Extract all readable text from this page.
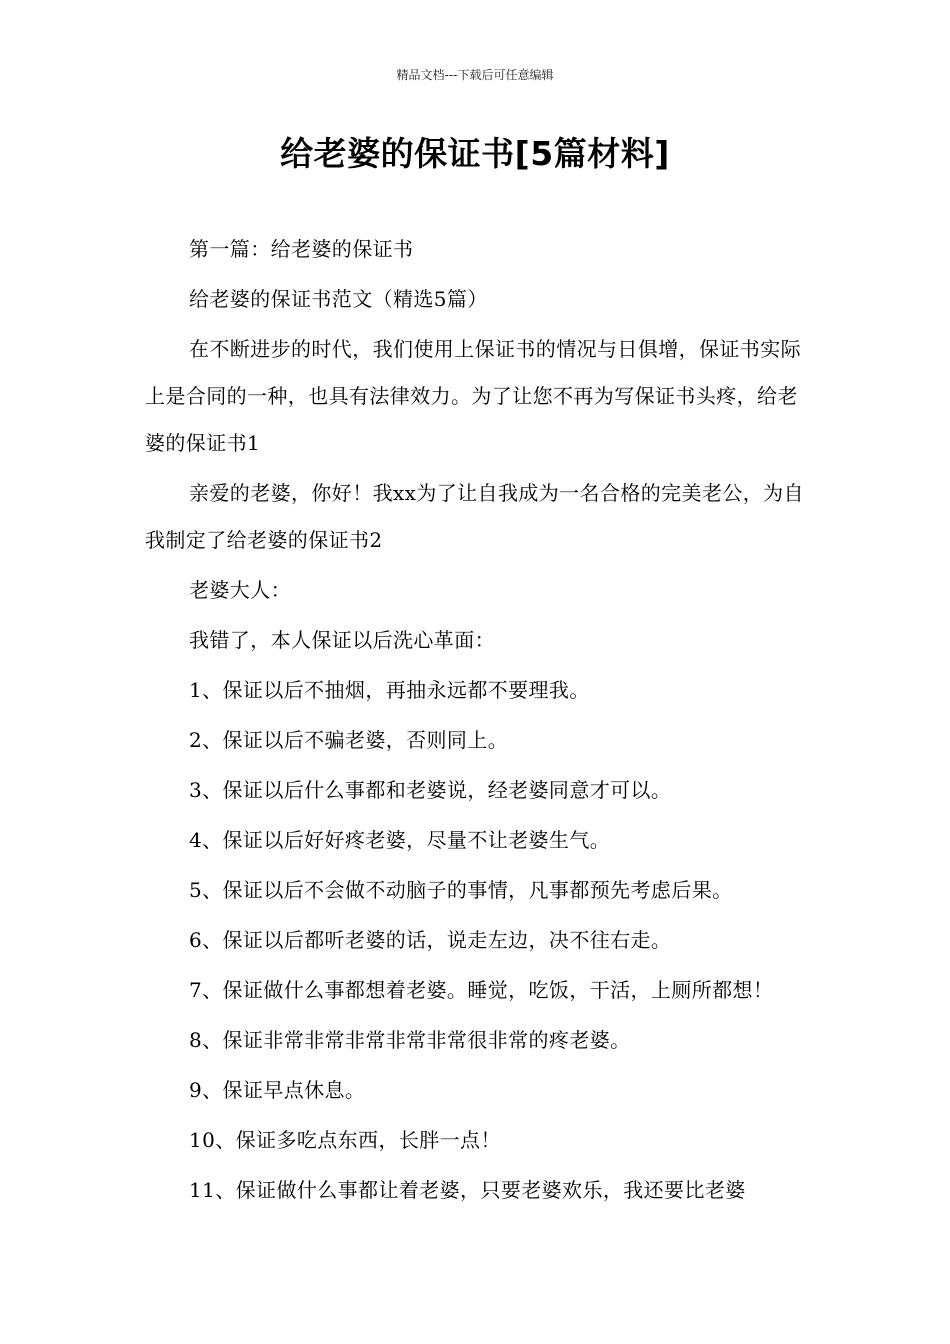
精品文档---下载后可任意编辑
给老婆的保证书[5篇材料]

第一篇：给老婆的保证书

给老婆的保证书范文（精选5篇）

在不断进步的时代，我们使用上保证书的情况与日俱增，保证书实际上是合同的一种，也具有法律效力。为了让您不再为写保证书头疼，给老婆的保证书1

亲爱的老婆，你好！我xx为了让自我成为一名合格的完美老公，为自我制定了给老婆的保证书2

老婆大人：

我错了，本人保证以后洗心革面：

1、保证以后不抽烟，再抽永远都不要理我。

2、保证以后不骗老婆，否则同上。

3、保证以后什么事都和老婆说，经老婆同意才可以。

4、保证以后好好疼老婆，尽量不让老婆生气。

5、保证以后不会做不动脑子的事情，凡事都预先考虑后果。

6、保证以后都听老婆的话，说走左边，决不往右走。

7、保证做什么事都想着老婆。睡觉，吃饭，干活，上厕所都想！

8、保证非常非常非常非常非常很非常的疼老婆。

9、保证早点休息。

10、保证多吃点东西，长胖一点！

11、保证做什么事都让着老婆，只要老婆欢乐，我还要比老婆
